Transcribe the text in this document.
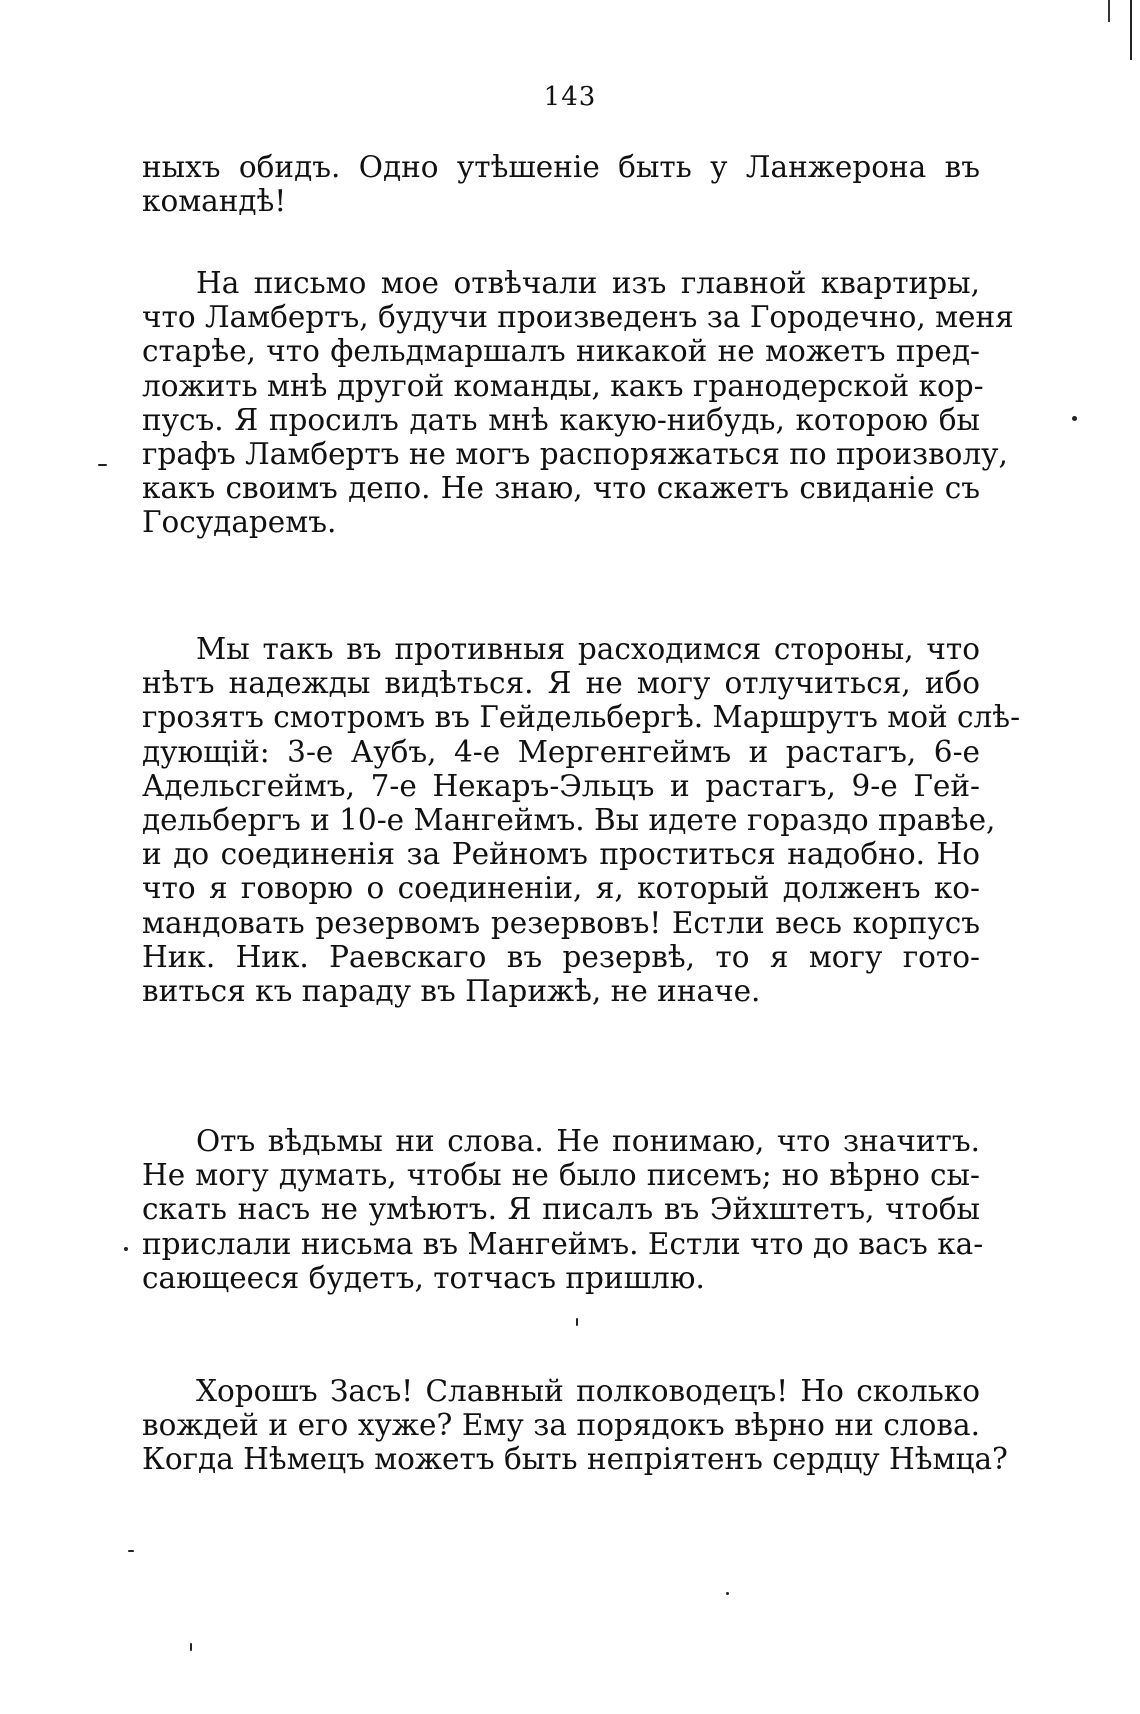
143
ныхъ обидъ. Одно утѣшеніе быть у Ланжерона въ
командѣ!
На письмо мое отвѣчали изъ главной квартиры,
что Ламбертъ, будучи произведенъ за Городечно, меня
старѣе, что фельдмаршалъ никакой не можетъ пред-
ложить мнѣ другой команды, какъ гранодерской кор-
пусъ. Я просилъ дать мнѣ какую-нибудь, которою бы
графъ Ламбертъ не могъ распоряжаться по произволу,
какъ своимъ депо. Не знаю, что скажетъ свиданіе съ
Государемъ.
Мы такъ въ противныя расходимся стороны, что
нѣтъ надежды видѣться. Я не могу отлучиться, ибо
грозятъ смотромъ въ Гейдельбергѣ. Маршрутъ мой слѣ-
дующій: 3-е Аубъ, 4-е Мергенгеймъ и растагъ, 6-е
Адельсгеймъ, 7-е Некаръ-Эльцъ и растагъ, 9-е Гей-
дельбергъ и 10-е Мангеймъ. Вы идете гораздо правѣе,
и до соединенія за Рейномъ проститься надобно. Но
что я говорю о соединеніи, я, который долженъ ко-
мандовать резервомъ резервовъ! Естли весь корпусъ
Ник. Ник. Раевскаго въ резервѣ, то я могу гото-
виться къ параду въ Парижѣ, не иначе.
Отъ вѣдьмы ни слова. Не понимаю, что значитъ.
Не могу думать, чтобы не было писемъ; но вѣрно сы-
скать насъ не умѣютъ. Я писалъ въ Эйхштетъ, чтобы
прислали нисьма въ Мангеймъ. Естли что до васъ ка-
сающееся будетъ, тотчасъ пришлю.
Хорошъ Засъ! Славный полководецъ! Но сколько
вождей и его хуже? Ему за порядокъ вѣрно ни слова.
Когда Нѣмецъ можетъ быть непріятенъ сердцу Нѣмца?
